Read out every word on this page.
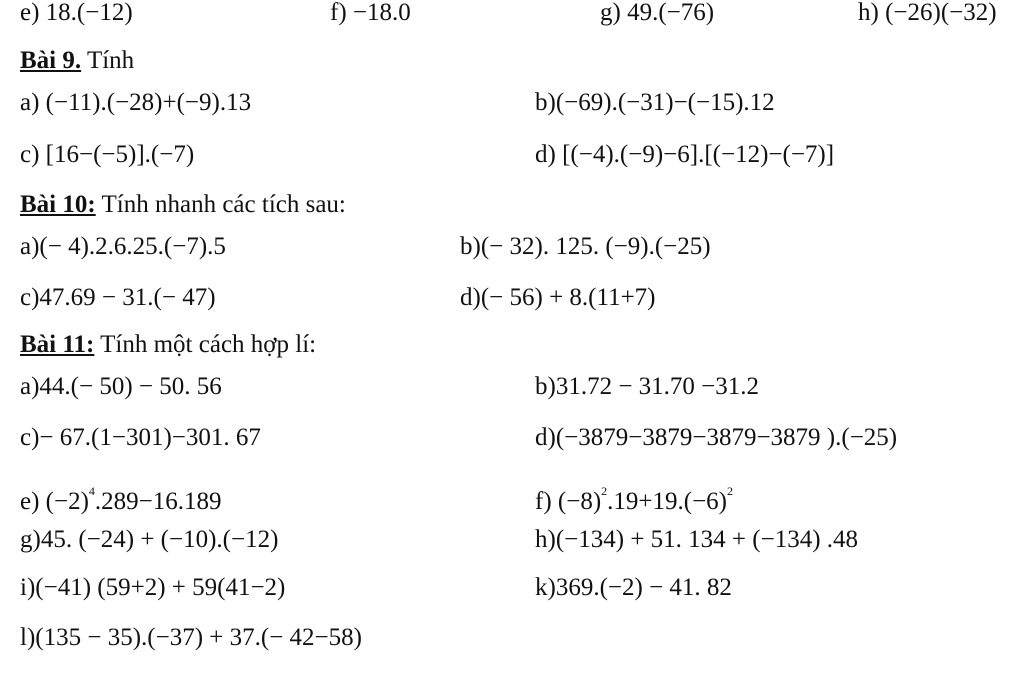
e) 18.(−12)	f) −18.0	g) 49.(−76)	h) (−26)(−32)
Bài 9. Tính
a) (−11).(−28)+(−9).13	b)(−69).(−31)−(−15).12
c) [16−(−5)].(−7)	d) [(−4).(−9)−6].[(−12)−(−7)]
Bài 10: Tính nhanh các tích sau:
a)(− 4).2.6.25.(−7).5	b)(− 32). 125. (−9).(−25)
c)47.69 − 31.(− 47)	d)(− 56) + 8.(11+7)
Bài 11: Tính một cách hợp lí:
a)44.(− 50) − 50. 56	b)31.72 − 31.70 −31.2
c)− 67.(1−301)−301. 67	d)(−3879−3879−3879−3879 ).(−25)
e) $(-2)^4.289-16.189$	f) $(-8)^2.19+19.(-6)^2$
g)45. (−24) + (−10).(−12)	h)(−134) + 51. 134 + (−134) .48
i)(−41) (59+2) + 59(41−2)	k)369.(−2) − 41. 82
l)(135 − 35).(−37) + 37.(− 42−58)
